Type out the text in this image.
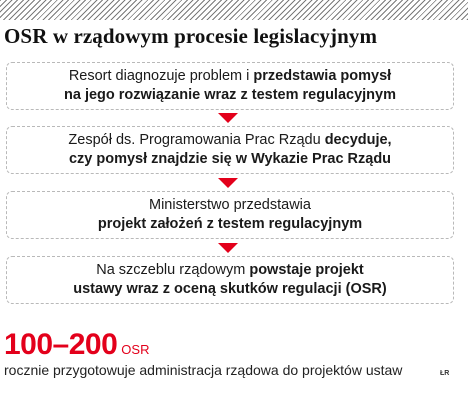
OSR w rządowym procesie legislacyjnym
Resort diagnozuje problem i przedstawia pomysł
na jego rozwiązanie wraz z testem regulacyjnym
Zespół ds. Programowania Prac Rządu decyduje,
czy pomysł znajdzie się w Wykazie Prac Rządu
Ministerstwo przedstawia
projekt założeń z testem regulacyjnym
Na szczeblu rządowym powstaje projekt
ustawy wraz z oceną skutków regulacji (OSR)
100–200 OSR
rocznie przygotowuje administracja rządowa do projektów ustaw	ŁR
